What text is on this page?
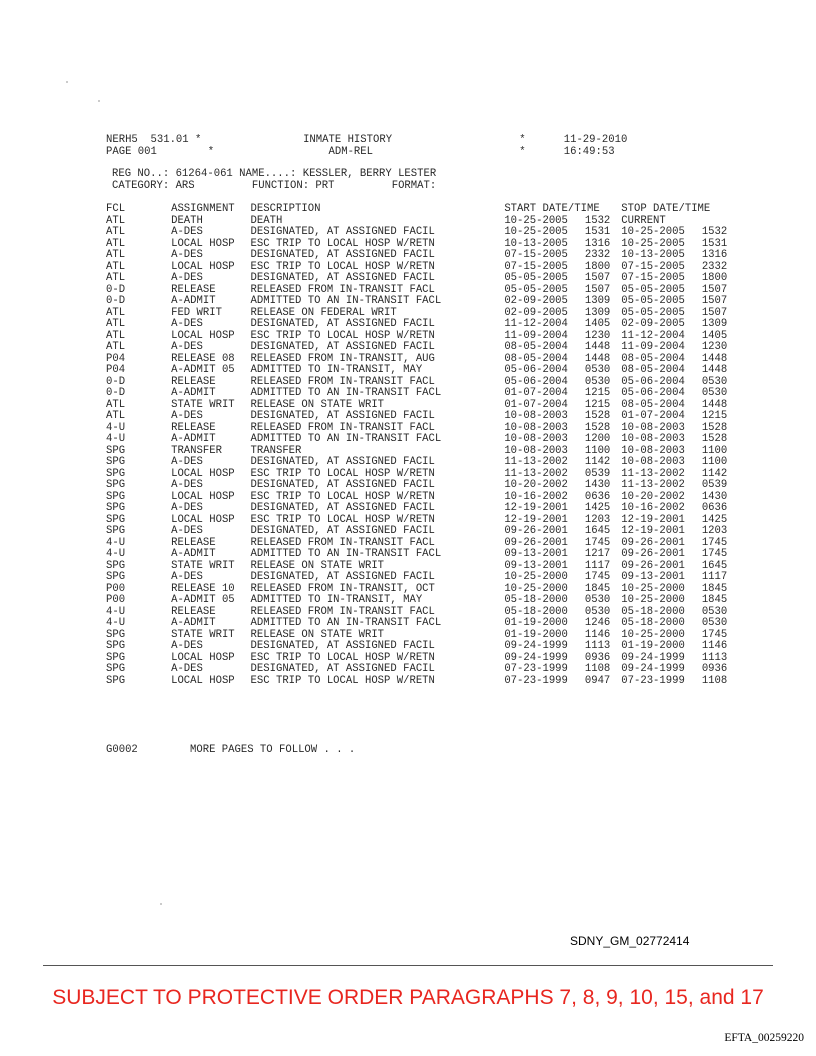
NERH5  531.01 *                INMATE HISTORY                    *      11-29-2010
PAGE 001        *                  ADM-REL                       *      16:49:53
REG NO..: 61264-061 NAME....: KESSLER, BERRY LESTER
CATEGORY: ARS         FUNCTION: PRT         FORMAT:
FCL	ASSIGNMENT	DESCRIPTION	START DATE/TIME		STOP DATE/TIME	
ATL	DEATH	DEATH	10-25-2005	1532	CURRENT	
ATL	A-DES	DESIGNATED, AT ASSIGNED FACIL	10-25-2005	1531	10-25-2005	1532
ATL	LOCAL HOSP	ESC TRIP TO LOCAL HOSP W/RETN	10-13-2005	1316	10-25-2005	1531
ATL	A-DES	DESIGNATED, AT ASSIGNED FACIL	07-15-2005	2332	10-13-2005	1316
ATL	LOCAL HOSP	ESC TRIP TO LOCAL HOSP W/RETN	07-15-2005	1800	07-15-2005	2332
ATL	A-DES	DESIGNATED, AT ASSIGNED FACIL	05-05-2005	1507	07-15-2005	1800
0-D	RELEASE	RELEASED FROM IN-TRANSIT FACL	05-05-2005	1507	05-05-2005	1507
0-D	A-ADMIT	ADMITTED TO AN IN-TRANSIT FACL	02-09-2005	1309	05-05-2005	1507
ATL	FED WRIT	RELEASE ON FEDERAL WRIT	02-09-2005	1309	05-05-2005	1507
ATL	A-DES	DESIGNATED, AT ASSIGNED FACIL	11-12-2004	1405	02-09-2005	1309
ATL	LOCAL HOSP	ESC TRIP TO LOCAL HOSP W/RETN	11-09-2004	1230	11-12-2004	1405
ATL	A-DES	DESIGNATED, AT ASSIGNED FACIL	08-05-2004	1448	11-09-2004	1230
P04	RELEASE 08	RELEASED FROM IN-TRANSIT, AUG	08-05-2004	1448	08-05-2004	1448
P04	A-ADMIT 05	ADMITTED TO IN-TRANSIT, MAY	05-06-2004	0530	08-05-2004	1448
0-D	RELEASE	RELEASED FROM IN-TRANSIT FACL	05-06-2004	0530	05-06-2004	0530
0-D	A-ADMIT	ADMITTED TO AN IN-TRANSIT FACL	01-07-2004	1215	05-06-2004	0530
ATL	STATE WRIT	RELEASE ON STATE WRIT	01-07-2004	1215	08-05-2004	1448
ATL	A-DES	DESIGNATED, AT ASSIGNED FACIL	10-08-2003	1528	01-07-2004	1215
4-U	RELEASE	RELEASED FROM IN-TRANSIT FACL	10-08-2003	1528	10-08-2003	1528
4-U	A-ADMIT	ADMITTED TO AN IN-TRANSIT FACL	10-08-2003	1200	10-08-2003	1528
SPG	TRANSFER	TRANSFER	10-08-2003	1100	10-08-2003	1100
SPG	A-DES	DESIGNATED, AT ASSIGNED FACIL	11-13-2002	1142	10-08-2003	1100
SPG	LOCAL HOSP	ESC TRIP TO LOCAL HOSP W/RETN	11-13-2002	0539	11-13-2002	1142
SPG	A-DES	DESIGNATED, AT ASSIGNED FACIL	10-20-2002	1430	11-13-2002	0539
SPG	LOCAL HOSP	ESC TRIP TO LOCAL HOSP W/RETN	10-16-2002	0636	10-20-2002	1430
SPG	A-DES	DESIGNATED, AT ASSIGNED FACIL	12-19-2001	1425	10-16-2002	0636
SPG	LOCAL HOSP	ESC TRIP TO LOCAL HOSP W/RETN	12-19-2001	1203	12-19-2001	1425
SPG	A-DES	DESIGNATED, AT ASSIGNED FACIL	09-26-2001	1645	12-19-2001	1203
4-U	RELEASE	RELEASED FROM IN-TRANSIT FACL	09-26-2001	1745	09-26-2001	1745
4-U	A-ADMIT	ADMITTED TO AN IN-TRANSIT FACL	09-13-2001	1217	09-26-2001	1745
SPG	STATE WRIT	RELEASE ON STATE WRIT	09-13-2001	1117	09-26-2001	1645
SPG	A-DES	DESIGNATED, AT ASSIGNED FACIL	10-25-2000	1745	09-13-2001	1117
P00	RELEASE 10	RELEASED FROM IN-TRANSIT, OCT	10-25-2000	1845	10-25-2000	1845
P00	A-ADMIT 05	ADMITTED TO IN-TRANSIT, MAY	05-18-2000	0530	10-25-2000	1845
4-U	RELEASE	RELEASED FROM IN-TRANSIT FACL	05-18-2000	0530	05-18-2000	0530
4-U	A-ADMIT	ADMITTED TO AN IN-TRANSIT FACL	01-19-2000	1246	05-18-2000	0530
SPG	STATE WRIT	RELEASE ON STATE WRIT	01-19-2000	1146	10-25-2000	1745
SPG	A-DES	DESIGNATED, AT ASSIGNED FACIL	09-24-1999	1113	01-19-2000	1146
SPG	LOCAL HOSP	ESC TRIP TO LOCAL HOSP W/RETN	09-24-1999	0936	09-24-1999	1113
SPG	A-DES	DESIGNATED, AT ASSIGNED FACIL	07-23-1999	1108	09-24-1999	0936
SPG	LOCAL HOSP	ESC TRIP TO LOCAL HOSP W/RETN	07-23-1999	0947	07-23-1999	1108
G0002	MORE PAGES TO FOLLOW . . .
SDNY_GM_02772414
SUBJECT TO PROTECTIVE ORDER PARAGRAPHS 7, 8, 9, 10, 15, and 17
EFTA_00259220
